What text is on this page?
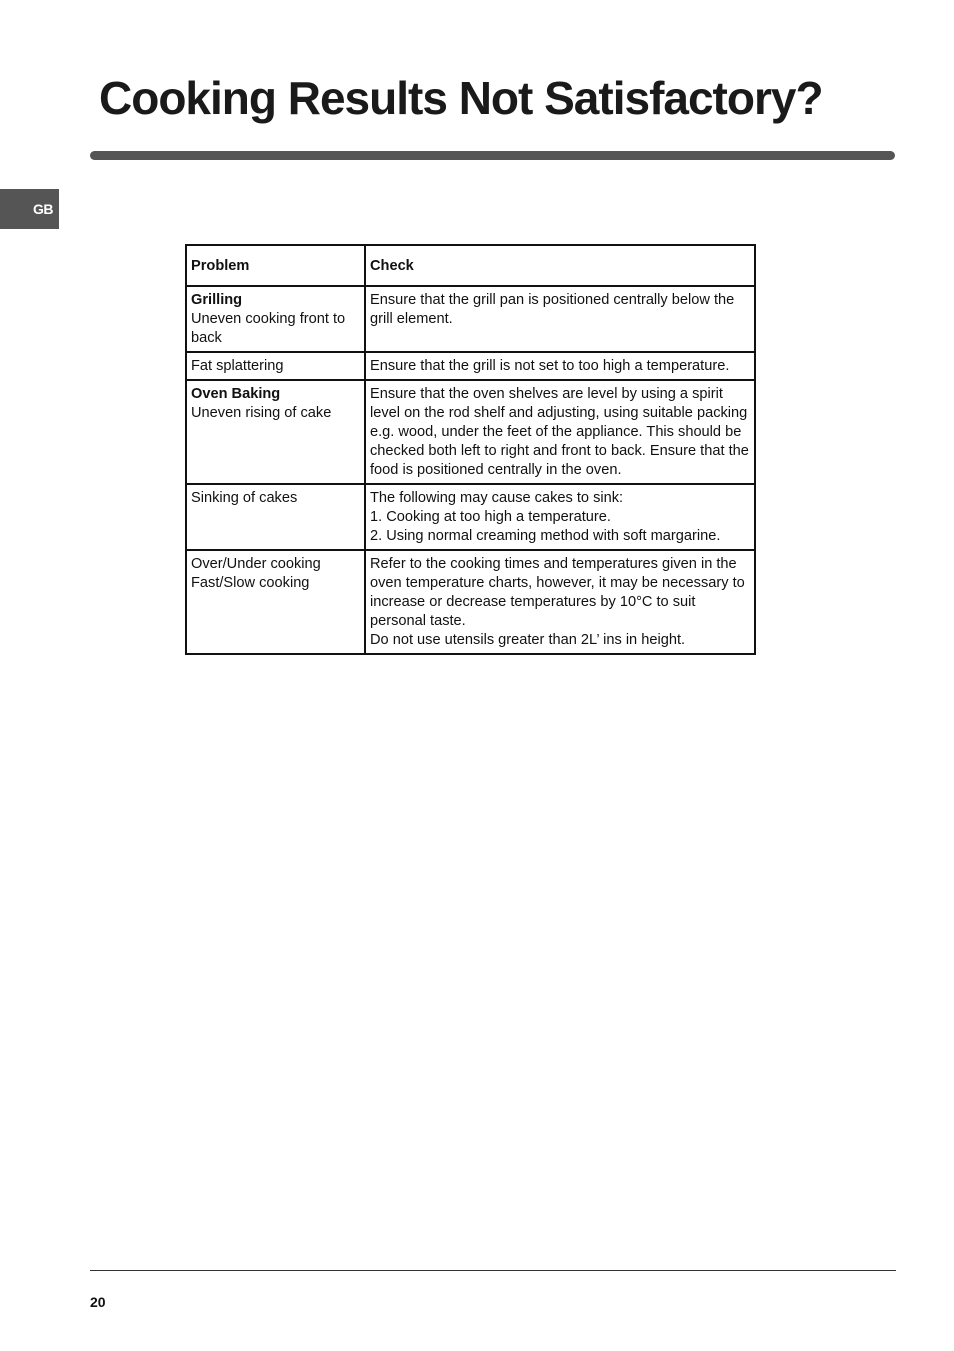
Cooking Results Not Satisfactory?
GB
Problem	Check

Grilling
Uneven cooking front to back	Ensure that the grill pan is positioned centrally below the grill element.

Fat splattering	Ensure that the grill is not set to too high a temperature.

Oven Baking
Uneven rising of cake	Ensure that the oven shelves are level by using a spirit level on the rod shelf and adjusting, using suitable packing e.g. wood, under the feet of the appliance. This should be checked both left to right and front to back. Ensure that the food is positioned centrally in the oven.

Sinking of cakes	The following may cause cakes to sink:
1. Cooking at too high a temperature.
2. Using normal creaming method with soft margarine.

Over/Under cooking
Fast/Slow cooking	Refer to the cooking times and temperatures given in the oven temperature charts, however, it may be necessary to increase or decrease temperatures by 10°C to suit personal taste.
Do not use utensils greater than 2L’ ins in height.
20
